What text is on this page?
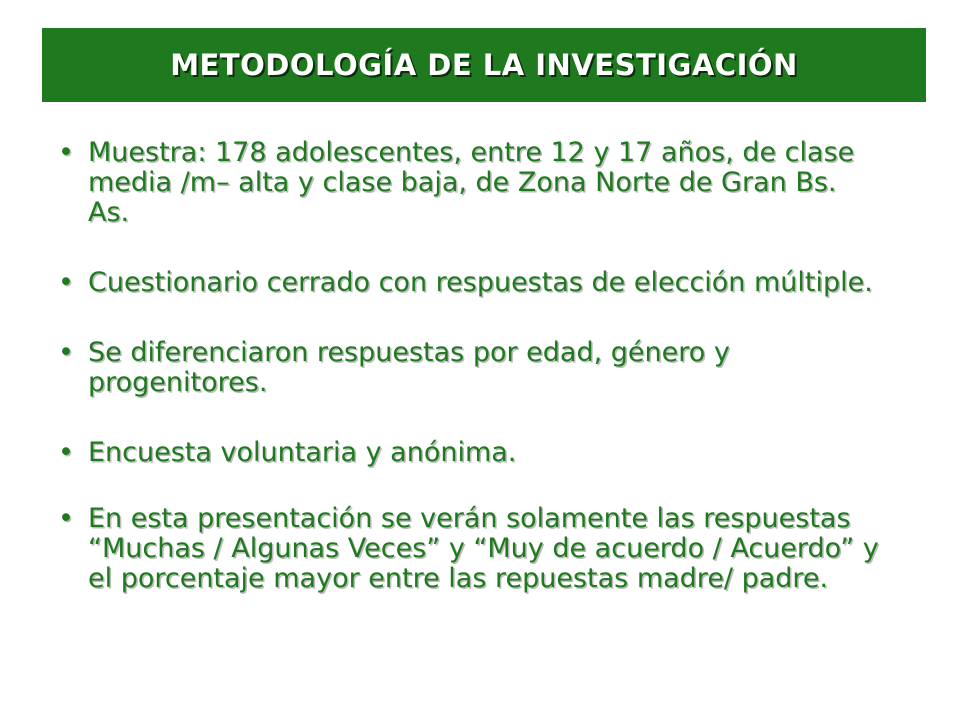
METODOLOGÍA DE LA INVESTIGACIÓN
• Muestra: 178 adolescentes, entre 12 y 17 años, de clase media /m– alta y clase baja, de Zona Norte de Gran Bs. As.
• Cuestionario cerrado con respuestas de elección múltiple.
• Se diferenciaron respuestas por edad, género y progenitores.
• Encuesta voluntaria y anónima.
• En esta presentación se verán solamente las respuestas “Muchas / Algunas Veces” y “Muy de acuerdo / Acuerdo” y el porcentaje mayor entre las repuestas madre/ padre.
